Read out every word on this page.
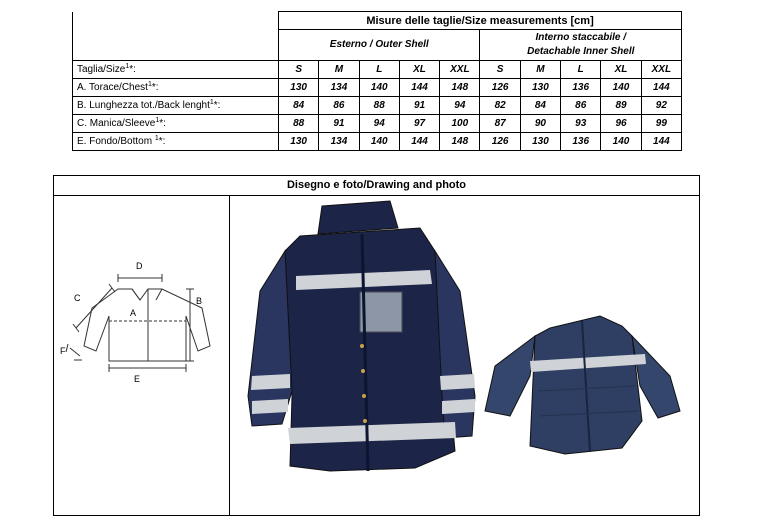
	Misure delle taglie/Size measurements [cm]									
	Esterno / Outer Shell					Interno staccabile /
Detachable Inner Shell				
Taglia/Size$^1$*:	S	M	L	XL	XXL	S	M	L	XL	XXL
A. Torace/Chest$^1$*:	130	134	140	144	148	126	130	136	140	144
B. Lunghezza tot./Back lenght$^1$*:	84	86	88	91	94	82	84	86	89	92
C. Manica/Sleeve$^1$*:	88	91	94	97	100	87	90	93	96	99
E. Fondo/Bottom $^1$*:	130	134	140	144	148	126	130	136	140	144
Disegno e foto/Drawing and photo
D
A
B
C
E
F
